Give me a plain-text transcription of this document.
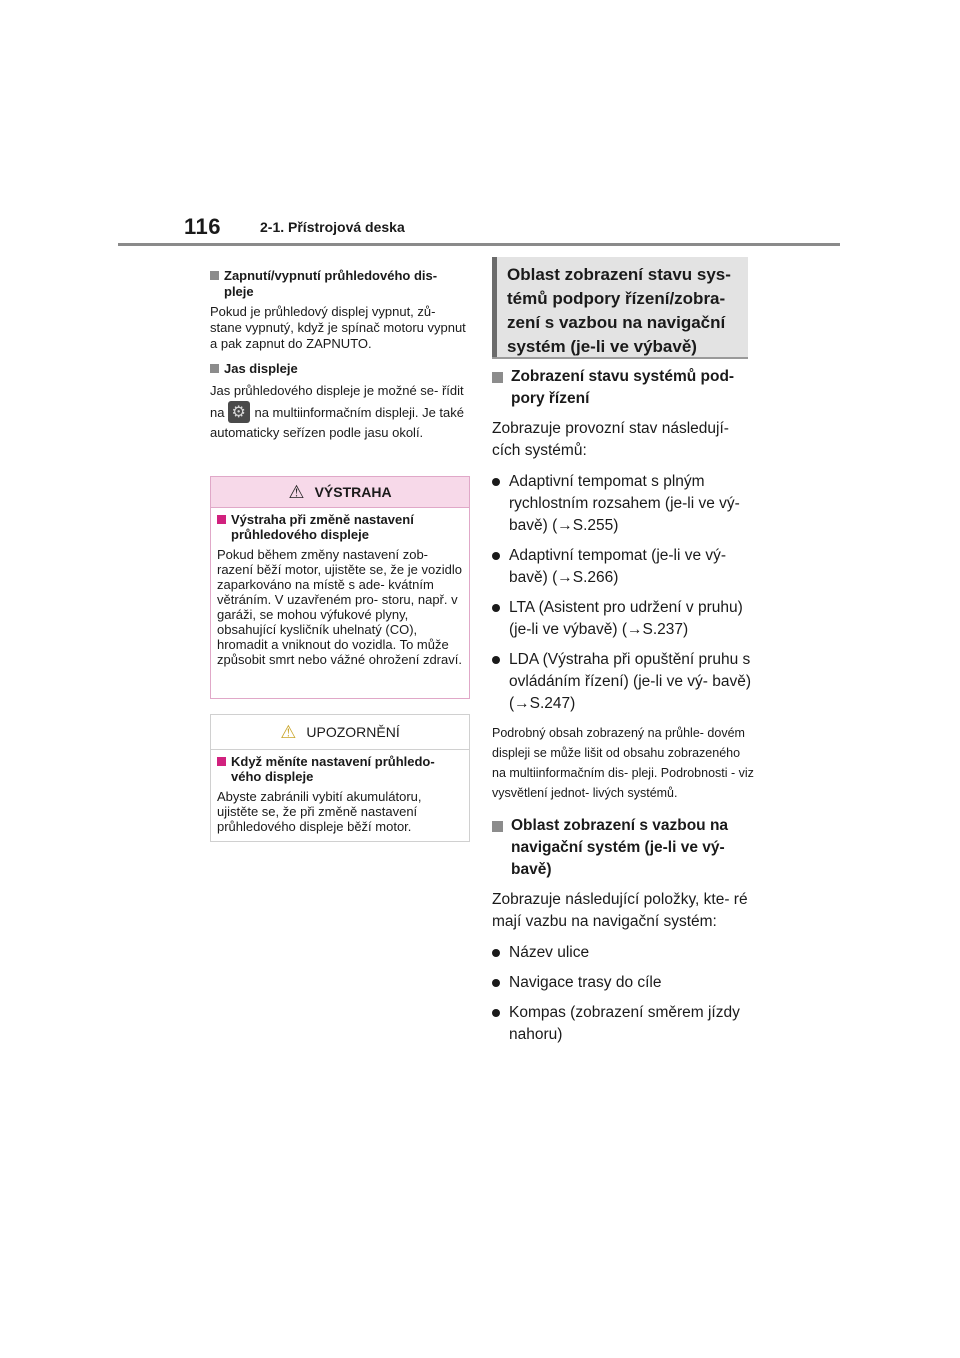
116	2-1. Přístrojová deska
Zapnutí/vypnutí průhledového dis-
pleje
Pokud je průhledový displej vypnut, zů- stane vypnutý, když je spínač motoru vypnut a pak zapnut do ZAPNUTO.
Jas displeje
Jas průhledového displeje je možné se- řídit na⚙ na multiinformačním displeji. Je také automaticky seřízen podle jasu okolí.
⚠ VÝSTRAHA
Výstraha při změně nastavení průhledového displeje
Pokud během změny nastavení zob- razení běží motor, ujistěte se, že je vozidlo zaparkováno na místě s ade- kvátním větráním. V uzavřeném pro- storu, např. v garáži, se mohou výfukové plyny, obsahující kysličník uhelnatý (CO), hromadit a vniknout do vozidla. To může způsobit smrt nebo vážné ohrožení zdraví.
⚠ UPOZORNĚNÍ
Když měníte nastavení průhledo- vého displeje
Abyste zabránili vybití akumulátoru, ujistěte se, že při změně nastavení průhledového displeje běží motor.
Oblast zobrazení stavu sys- témů podpory řízení/zobra- zení s vazbou na navigační systém (je-li ve výbavě)
Zobrazení stavu systémů pod- pory řízení
Zobrazuje provozní stav následují- cích systémů:
Adaptivní tempomat s plným rychlostním rozsahem (je-li ve vý- bavě) (→S.255)
Adaptivní tempomat (je-li ve vý- bavě) (→S.266)
LTA (Asistent pro udržení v pruhu) (je-li ve výbavě) (→S.237)
LDA (Výstraha při opuštění pruhu s ovládáním řízení) (je-li ve vý- bavě) (→S.247)
Podrobný obsah zobrazený na průhle- dovém displeji se může lišit od obsahu zobrazeného na multiinformačním dis- pleji. Podrobnosti - viz vysvětlení jednot- livých systémů.
Oblast zobrazení s vazbou na navigační systém (je-li ve vý- bavě)
Zobrazuje následující položky, kte- ré mají vazbu na navigační systém:
Název ulice
Navigace trasy do cíle
Kompas (zobrazení směrem jízdy nahoru)
